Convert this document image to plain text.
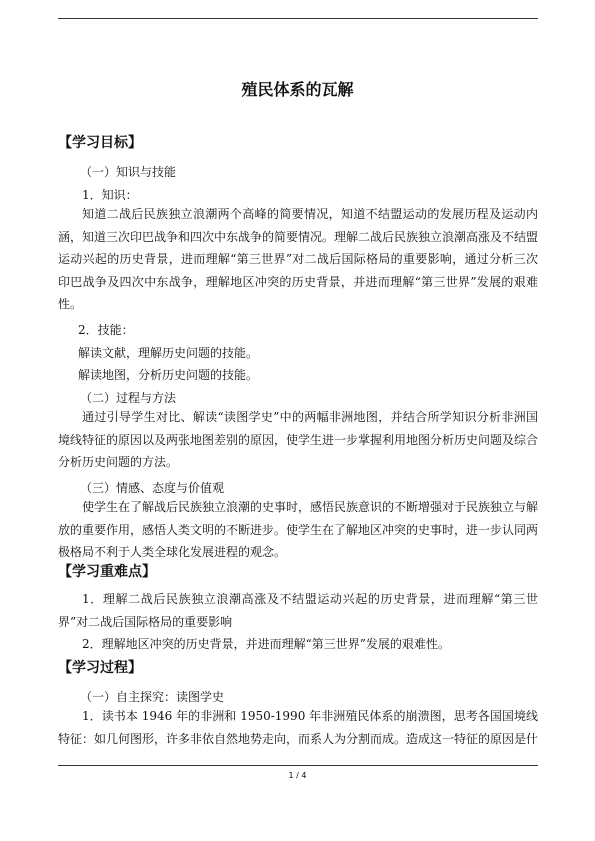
殖民体系的瓦解
【学习目标】
（一）知识与技能
1．知识：
知道二战后民族独立浪潮两个高峰的简要情况，知道不结盟运动的发展历程及运动内涵，知道三次印巴战争和四次中东战争的简要情况。理解二战后民族独立浪潮高涨及不结盟运动兴起的历史背景，进而理解“第三世界”对二战后国际格局的重要影响，通过分析三次印巴战争及四次中东战争，理解地区冲突的历史背景，并进而理解“第三世界”发展的艰难性。
2．技能：
解读文献，理解历史问题的技能。
解读地图，分析历史问题的技能。
（二）过程与方法
通过引导学生对比、解读“读图学史”中的两幅非洲地图，并结合所学知识分析非洲国境线特征的原因以及两张地图差别的原因，使学生进一步掌握利用地图分析历史问题及综合分析历史问题的方法。
（三）情感、态度与价值观
使学生在了解战后民族独立浪潮的史事时，感悟民族意识的不断增强对于民族独立与解放的重要作用，感悟人类文明的不断进步。使学生在了解地区冲突的史事时，进一步认同两极格局不利于人类全球化发展进程的观念。
【学习重难点】
1．理解二战后民族独立浪潮高涨及不结盟运动兴起的历史背景，进而理解“第三世界”对二战后国际格局的重要影响
2．理解地区冲突的历史背景，并进而理解“第三世界”发展的艰难性。
【学习过程】
（一）自主探究：读图学史
1．读书本 1946 年的非洲和 1950-1990 年非洲殖民体系的崩溃图，思考各国国境线特征：如几何图形，许多非依自然地势走向，而系人为分割而成。造成这一特征的原因是什
1 / 4
